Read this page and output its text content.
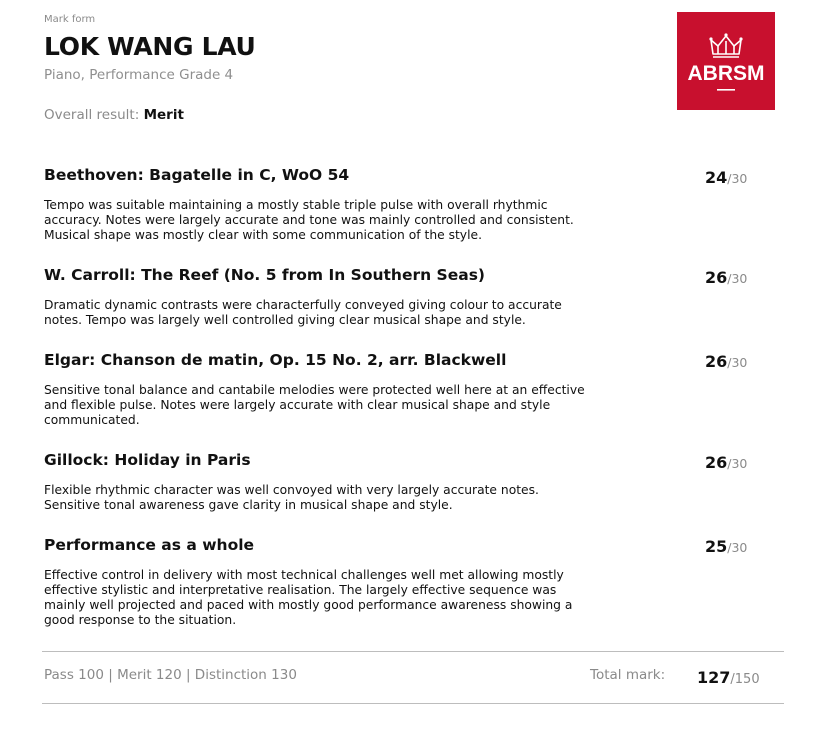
Mark form
LOK WANG LAU
Piano, Performance Grade 4
Overall result: Merit
ABRSM
Beethoven: Bagatelle in C, WoO 54
Tempo was suitable maintaining a mostly stable triple pulse with overall rhythmic accuracy. Notes were largely accurate and tone was mainly controlled and consistent. Musical shape was mostly clear with some communication of the style.
24/30
W. Carroll: The Reef (No. 5 from In Southern Seas)
Dramatic dynamic contrasts were characterfully conveyed giving colour to accurate notes. Tempo was largely well controlled giving clear musical shape and style.
26/30
Elgar: Chanson de matin, Op. 15 No. 2, arr. Blackwell
Sensitive tonal balance and cantabile melodies were protected well here at an effective and flexible pulse. Notes were largely accurate with clear musical shape and style communicated.
26/30
Gillock: Holiday in Paris
Flexible rhythmic character was well convoyed with very largely accurate notes. Sensitive tonal awareness gave clarity in musical shape and style.
26/30
Performance as a whole
Effective control in delivery with most technical challenges well met allowing mostly effective stylistic and interpretative realisation. The largely effective sequence was mainly well projected and paced with mostly good performance awareness showing a good response to the situation.
25/30
Pass 100 | Merit 120 | Distinction 130	Total mark: 127/150
